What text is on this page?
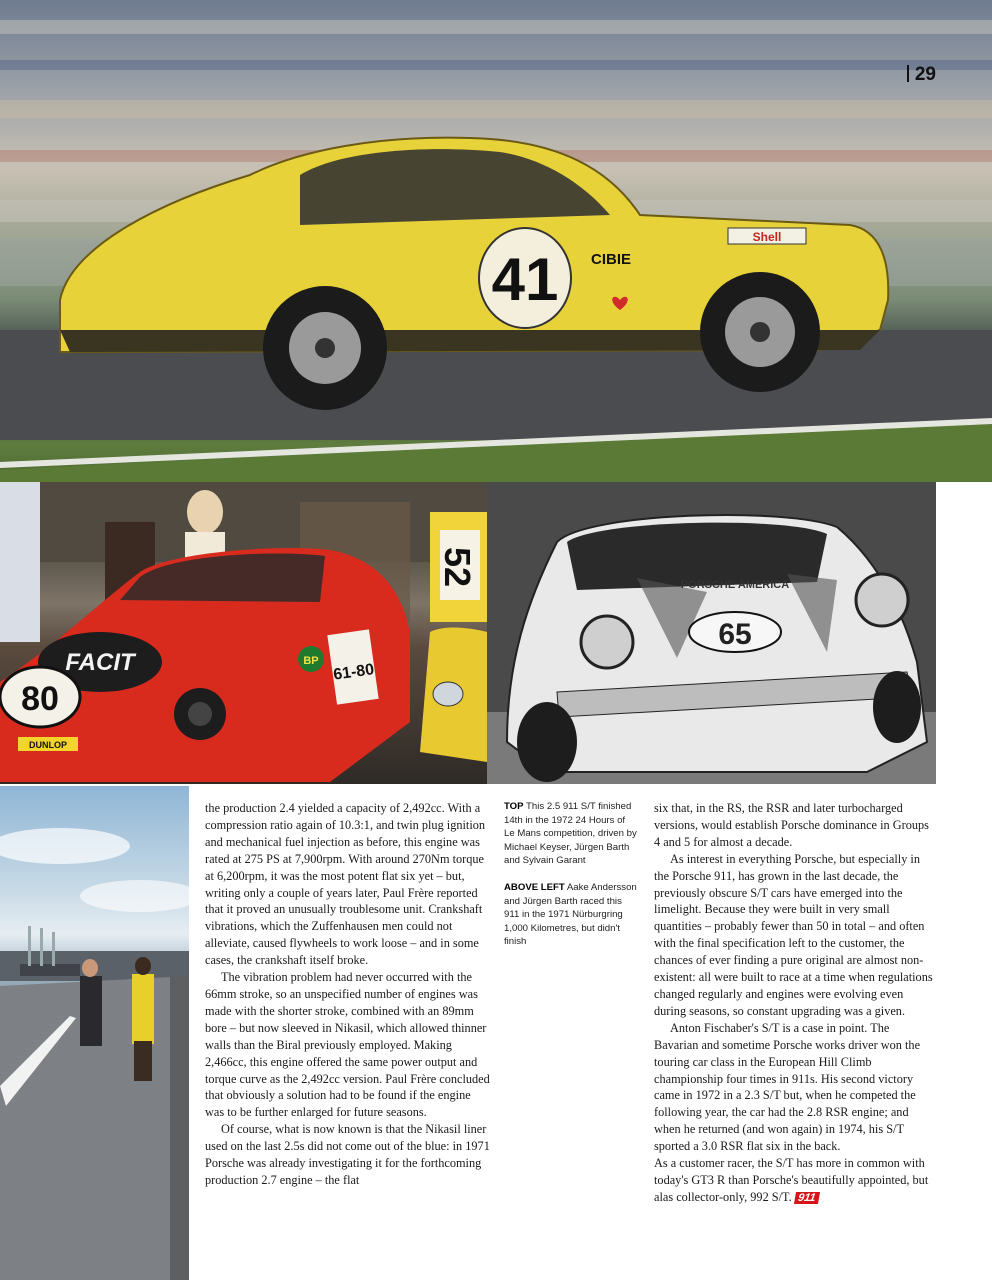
41 CIBIE
Shell
29
52
FACIT
80
61-80
BP
DUNLOP
65
PORSCHE AMERICA

the production 2.4 yielded a capacity of 2,492cc. With a compression ratio again of 10.3:1, and twin plug ignition and mechanical fuel injection as before, this engine was rated at 275 PS at 7,900rpm. With around 270Nm torque at 6,200rpm, it was the most potent flat six yet – but, writing only a couple of years later, Paul Frère reported that it proved an unusually troublesome unit. Crankshaft vibrations, which the Zuffenhausen men could not alleviate, caused flywheels to work loose – and in some cases, the crankshaft itself broke.

The vibration problem had never occurred with the 66mm stroke, so an unspecified number of engines was made with the shorter stroke, combined with an 89mm bore – but now sleeved in Nikasil, which allowed thinner walls than the Biral previously employed. Making 2,466cc, this engine offered the same power output and torque curve as the 2,492cc version. Paul Frère concluded that obviously a solution had to be found if the engine was to be further enlarged for future seasons.

Of course, what is now known is that the Nikasil liner used on the last 2.5s did not come out of the blue: in 1971 Porsche was already investigating it for the forthcoming production 2.7 engine – the flat

TOP This 2.5 911 S/T finished 14th in the 1972 24 Hours of Le Mans competition, driven by Michael Keyser, Jürgen Barth and Sylvain Garant

ABOVE LEFT Aake Andersson and Jürgen Barth raced this 911 in the 1971 Nürburgring 1,000 Kilometres, but didn't finish

six that, in the RS, the RSR and later turbocharged versions, would establish Porsche dominance in Groups 4 and 5 for almost a decade.

As interest in everything Porsche, but especially in the Porsche 911, has grown in the last decade, the previously obscure S/T cars have emerged into the limelight. Because they were built in very small quantities – probably fewer than 50 in total – and often with the final specification left to the customer, the chances of ever finding a pure original are almost non-existent: all were built to race at a time when regulations changed regularly and engines were evolving even during seasons, so constant upgrading was a given.

Anton Fischaber's S/T is a case in point. The Bavarian and sometime Porsche works driver won the touring car class in the European Hill Climb championship four times in 911s. His second victory came in 1972 in a 2.3 S/T but, when he competed the following year, the car had the 2.8 RSR engine; and when he returned (and won again) in 1974, his S/T sported a 3.0 RSR flat six in the back.

As a customer racer, the S/T has more in common with today's GT3 R than Porsche's beautifully appointed, but alas collector-only, 992 S/T. 911
